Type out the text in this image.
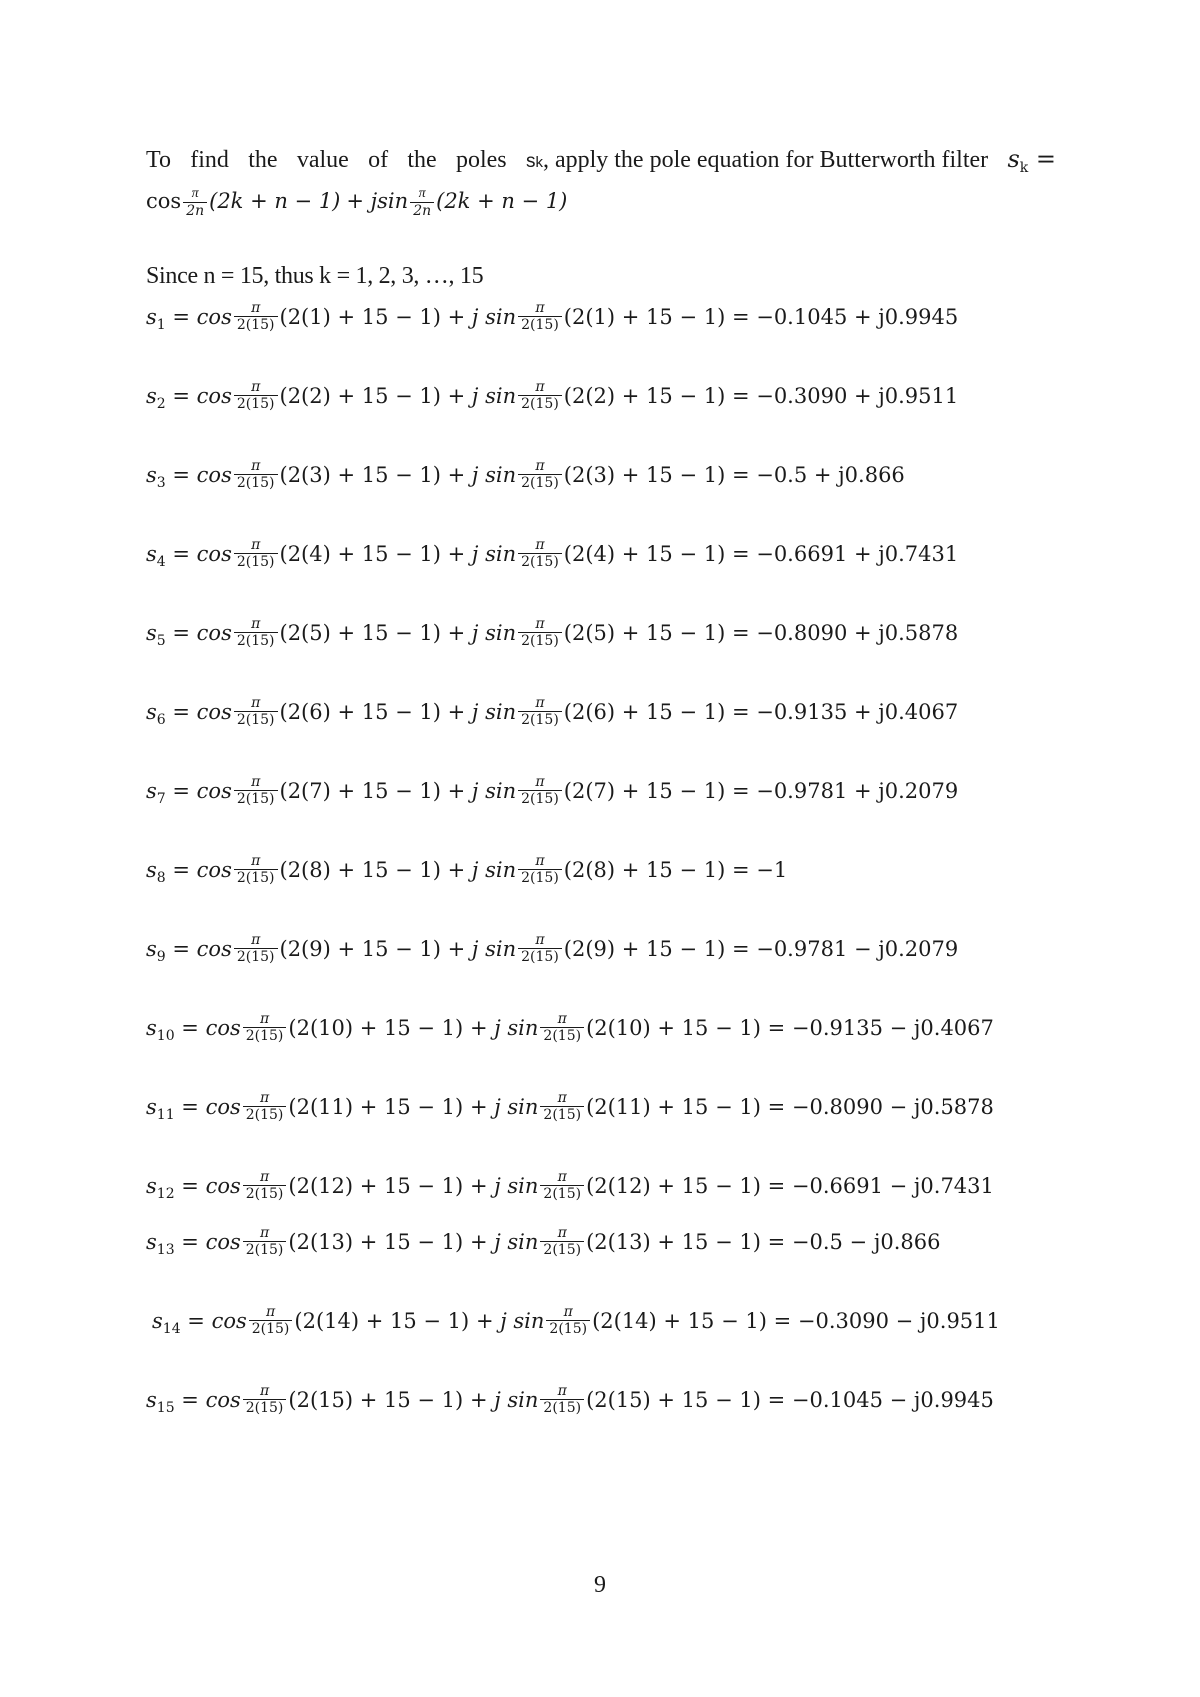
To find the value of the poles sk, apply the pole equation for Butterworth filter $s_k$ =
$\cos \frac{\pi}{2n} (2k + n - 1) + jsin \frac{\pi}{2n} (2k + n - 1)$
Since n = 15, thus k = 1, 2, 3, …, 15
$s_1 = \cos \frac{\pi}{2(15)} (2(1) + 15 - 1) + j$ $\sin \frac{\pi}{2(15)} (2(1) + 15 - 1) = -0.1045 + j0.9945$
$s_2 = \cos \frac{\pi}{2(15)} (2(2) + 15 - 1) + j$ $\sin \frac{\pi}{2(15)} (2(2) + 15 - 1) = -0.3090 + j0.9511$
$s_3 = \cos \frac{\pi}{2(15)} (2(3) + 15 - 1) + j$ $\sin \frac{\pi}{2(15)} (2(3) + 15 - 1) = -0.5 + j0.866$
$s_4 = \cos \frac{\pi}{2(15)} (2(4) + 15 - 1) + j$ $\sin \frac{\pi}{2(15)} (2(4) + 15 - 1) = -0.6691 + j0.7431$
$s_5 = \cos \frac{\pi}{2(15)} (2(5) + 15 - 1) + j$ $\sin \frac{\pi}{2(15)} (2(5) + 15 - 1) = -0.8090 + j0.5878$
$s_6 = \cos \frac{\pi}{2(15)} (2(6) + 15 - 1) + j$ $\sin \frac{\pi}{2(15)} (2(6) + 15 - 1) = -0.9135 + j0.4067$
$s_7 = \cos \frac{\pi}{2(15)} (2(7) + 15 - 1) + j$ $\sin \frac{\pi}{2(15)} (2(7) + 15 - 1) = -0.9781 + j0.2079$
$s_8 = \cos \frac{\pi}{2(15)} (2(8) + 15 - 1) + j$ $\sin \frac{\pi}{2(15)} (2(8) + 15 - 1) = -1$
$s_9 = \cos \frac{\pi}{2(15)} (2(9) + 15 - 1) + j$ $\sin \frac{\pi}{2(15)} (2(9) + 15 - 1) = -0.9781 - j0.2079$
$s_{10} = \cos \frac{\pi}{2(15)} (2(10) + 15 - 1) + j$ $\sin \frac{\pi}{2(15)} (2(10) + 15 - 1) = -0.9135 - j0.4067$
$s_{11} = \cos \frac{\pi}{2(15)} (2(11) + 15 - 1) + j$ $\sin \frac{\pi}{2(15)} (2(11) + 15 - 1) = -0.8090 - j0.5878$
$s_{12} = \cos \frac{\pi}{2(15)} (2(12) + 15 - 1) + j$ $\sin \frac{\pi}{2(15)} (2(12) + 15 - 1) = -0.6691 - j0.7431$
$s_{13} = \cos \frac{\pi}{2(15)} (2(13) + 15 - 1) + j$ $\sin \frac{\pi}{2(15)} (2(13) + 15 - 1) = -0.5 - j0.866$
$s_{14} = \cos \frac{\pi}{2(15)} (2(14) + 15 - 1) + j$ $\sin \frac{\pi}{2(15)} (2(14) + 15 - 1) = -0.3090 - j0.9511$
$s_{15} = \cos \frac{\pi}{2(15)} (2(15) + 15 - 1) + j$ $\sin \frac{\pi}{2(15)} (2(15) + 15 - 1) = -0.1045 - j0.9945$
9
